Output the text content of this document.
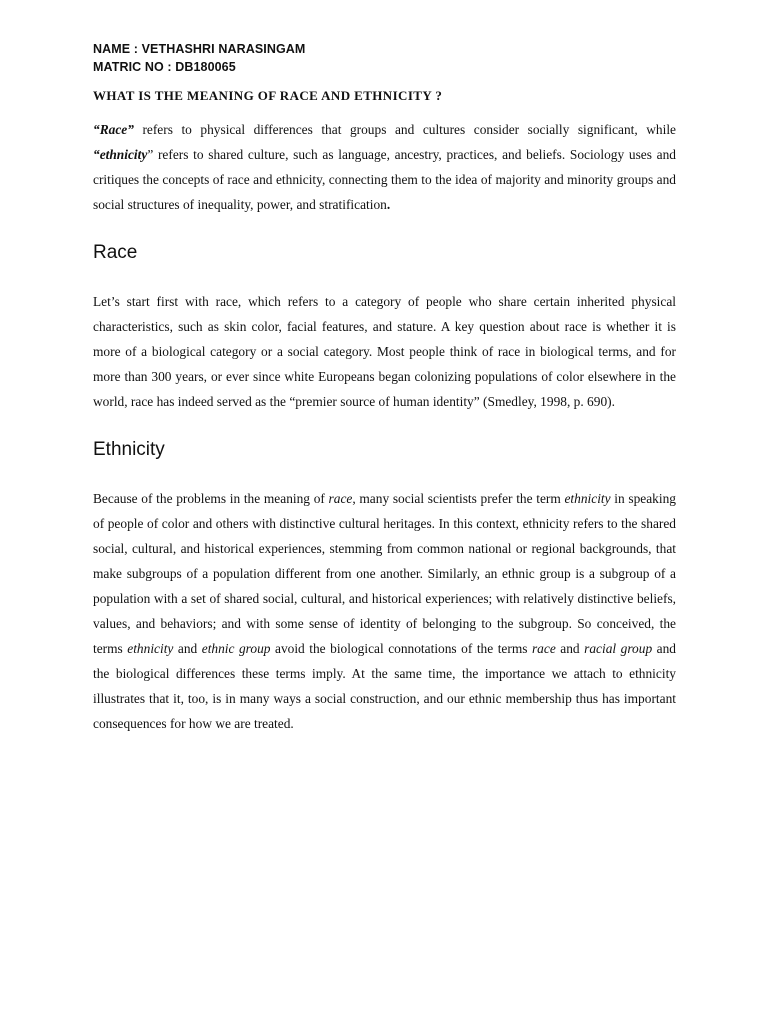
NAME : VETHASHRI NARASINGAM

MATRIC NO : DB180065

WHAT IS THE MEANING OF RACE AND ETHNICITY ?

“Race” refers to physical differences that groups and cultures consider socially significant, while “ethnicity” refers to shared culture, such as language, ancestry, practices, and beliefs. Sociology uses and critiques the concepts of race and ethnicity, connecting them to the idea of majority and minority groups and social structures of inequality, power, and stratification.

Race

Let’s start first with race, which refers to a category of people who share certain inherited physical characteristics, such as skin color, facial features, and stature. A key question about race is whether it is more of a biological category or a social category. Most people think of race in biological terms, and for more than 300 years, or ever since white Europeans began colonizing populations of color elsewhere in the world, race has indeed served as the “premier source of human identity” (Smedley, 1998, p. 690).

Ethnicity

Because of the problems in the meaning of race, many social scientists prefer the term ethnicity in speaking of people of color and others with distinctive cultural heritages. In this context, ethnicity refers to the shared social, cultural, and historical experiences, stemming from common national or regional backgrounds, that make subgroups of a population different from one another. Similarly, an ethnic group is a subgroup of a population with a set of shared social, cultural, and historical experiences; with relatively distinctive beliefs, values, and behaviors; and with some sense of identity of belonging to the subgroup. So conceived, the terms ethnicity and ethnic group avoid the biological connotations of the terms race and racial group and the biological differences these terms imply. At the same time, the importance we attach to ethnicity illustrates that it, too, is in many ways a social construction, and our ethnic membership thus has important consequences for how we are treated.
